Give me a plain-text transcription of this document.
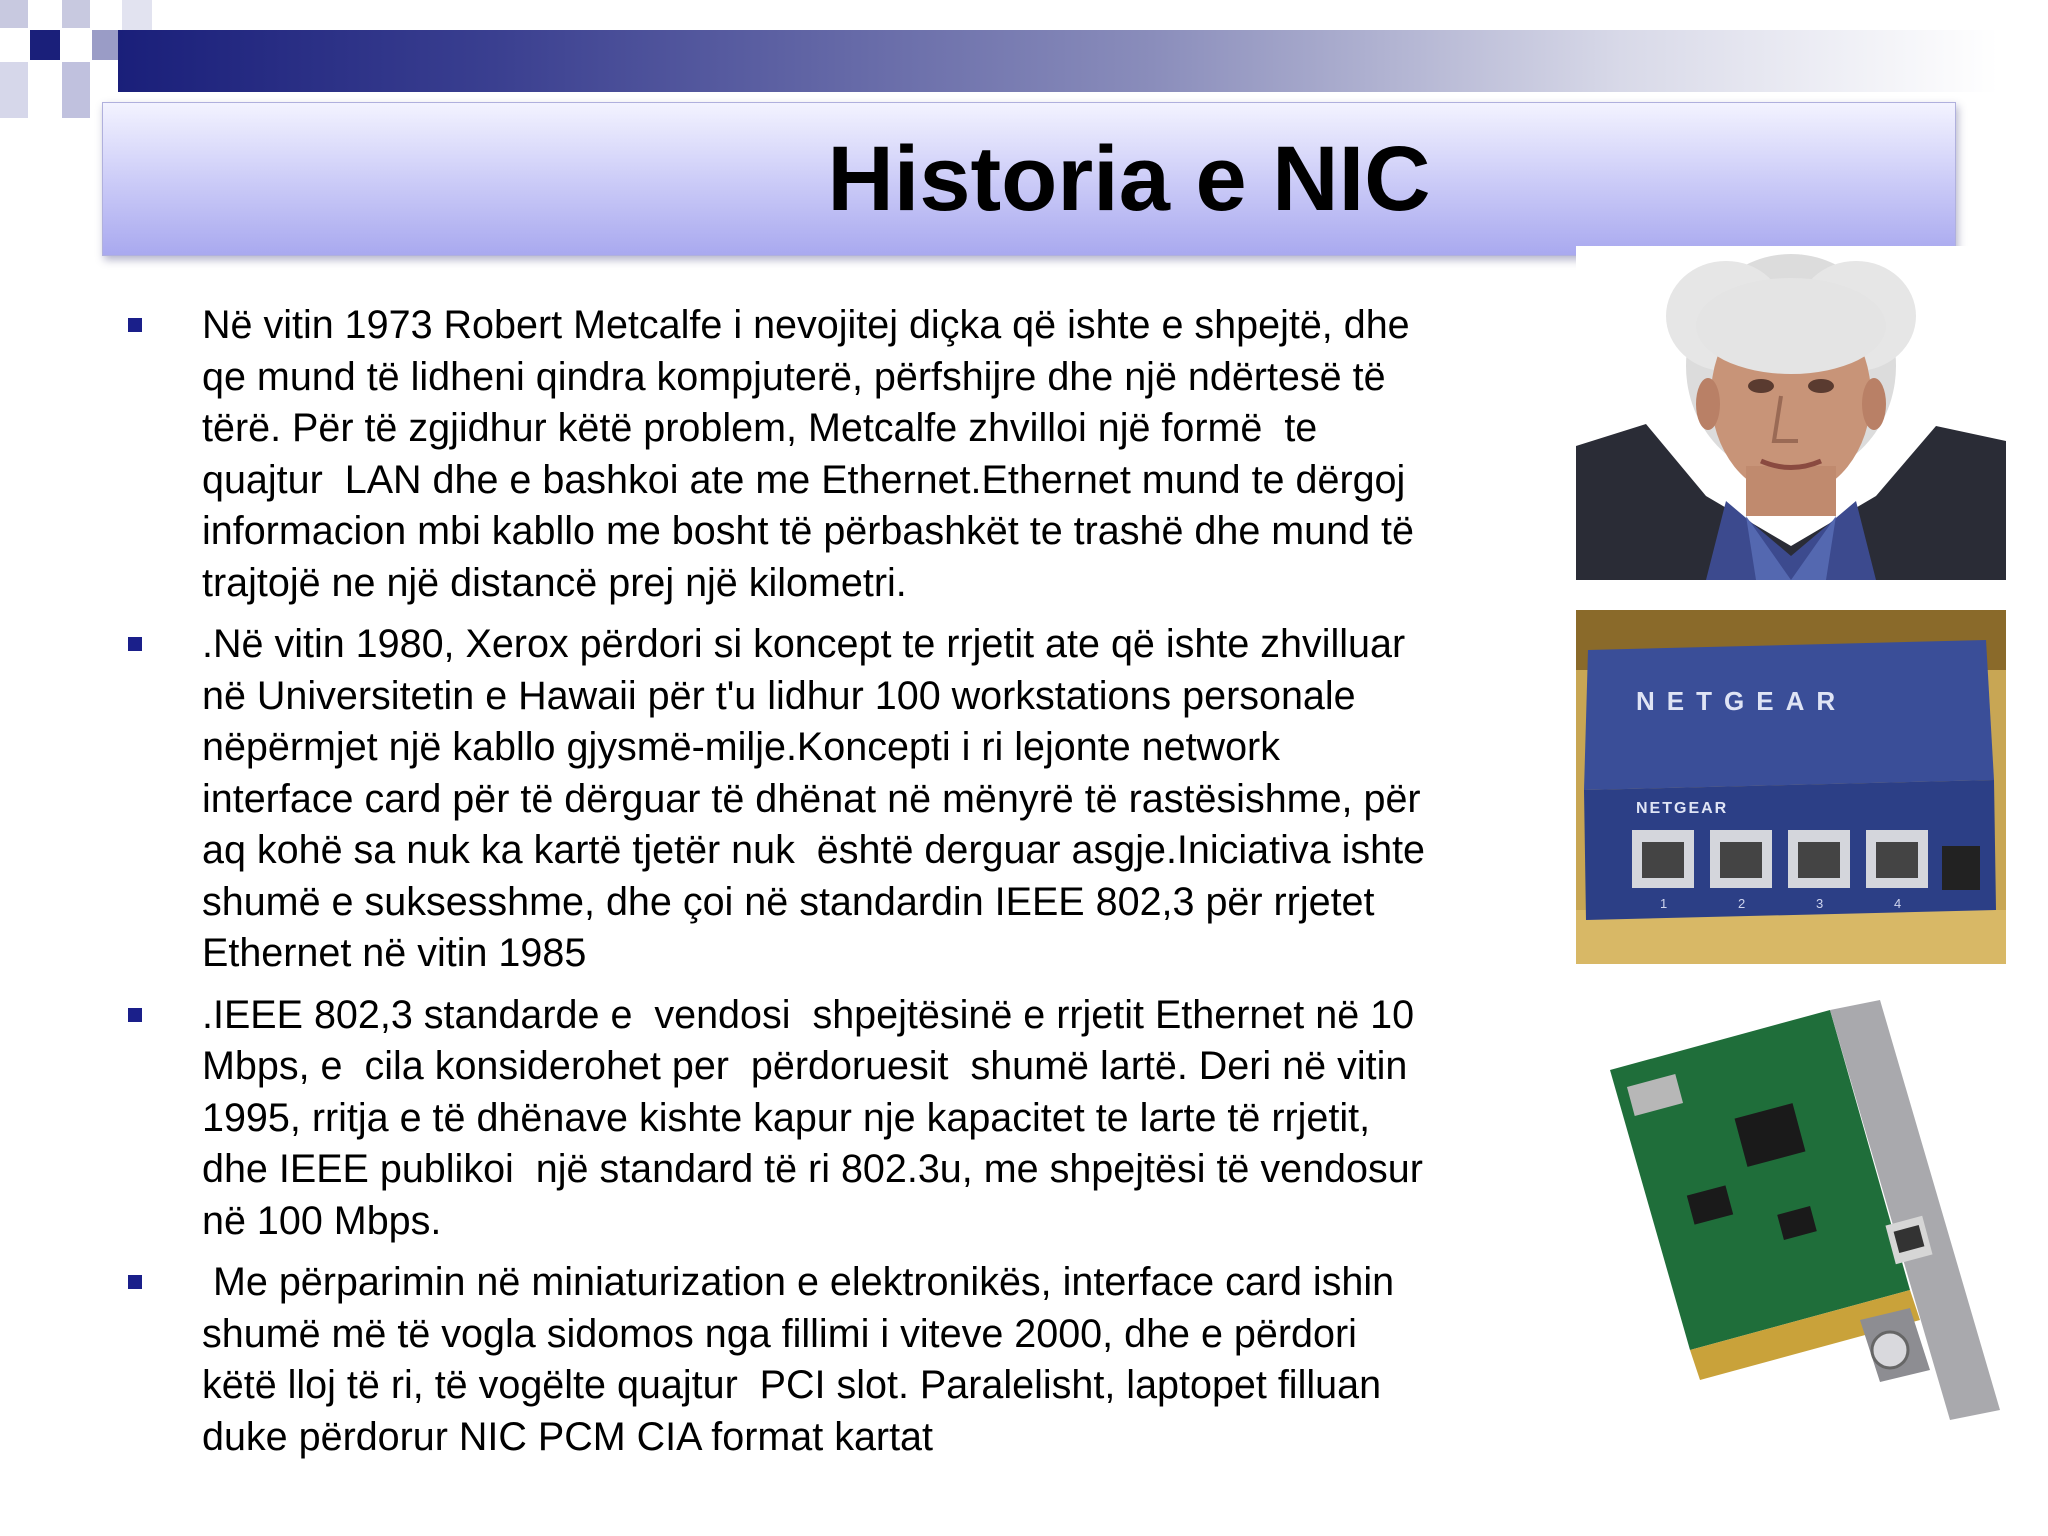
Historia e NIC
Në vitin 1973 Robert Metcalfe i nevojitej diçka që ishte e shpejtë, dhe
qe mund të lidheni qindra kompjuterë, përfshijre dhe një ndërtesë të
tërë. Për të zgjidhur këtë problem, Metcalfe zhvilloi një formë  te
quajtur  LAN dhe e bashkoi ate me Ethernet.Ethernet mund te dërgoj
informacion mbi kabllo me bosht të përbashkët te trashë dhe mund të
trajtojë ne një distancë prej një kilometri.
.Në vitin 1980, Xerox përdori si koncept te rrjetit ate që ishte zhvilluar
në Universitetin e Hawaii për t'u lidhur 100 workstations personale
nëpërmjet një kabllo gjysmë-milje.Koncepti i ri lejonte network
interface card për të dërguar të dhënat në mënyrë të rastësishme, për
aq kohë sa nuk ka kartë tjetër nuk  është derguar asgje.Iniciativa ishte
shumë e suksesshme, dhe çoi në standardin IEEE 802,3 për rrjetet
Ethernet në vitin 1985
.IEEE 802,3 standarde e  vendosi  shpejtësinë e rrjetit Ethernet në 10
Mbps, e  cila konsiderohet per  përdoruesit  shumë lartë. Deri në vitin
1995, rritja e të dhënave kishte kapur nje kapacitet te larte të rrjetit,
dhe IEEE publikoi  një standard të ri 802.3u, me shpejtësi të vendosur
në 100 Mbps.
Me përparimin në miniaturization e elektronikës, interface card ishin
shumë më të vogla sidomos nga fillimi i viteve 2000, dhe e përdori
këtë lloj të ri, të vogëlte quajtur  PCI slot. Paralelisht, laptopet filluan
duke përdorur NIC PCM CIA format kartat
NETGEAR
NETGEAR
1	2	3	4
